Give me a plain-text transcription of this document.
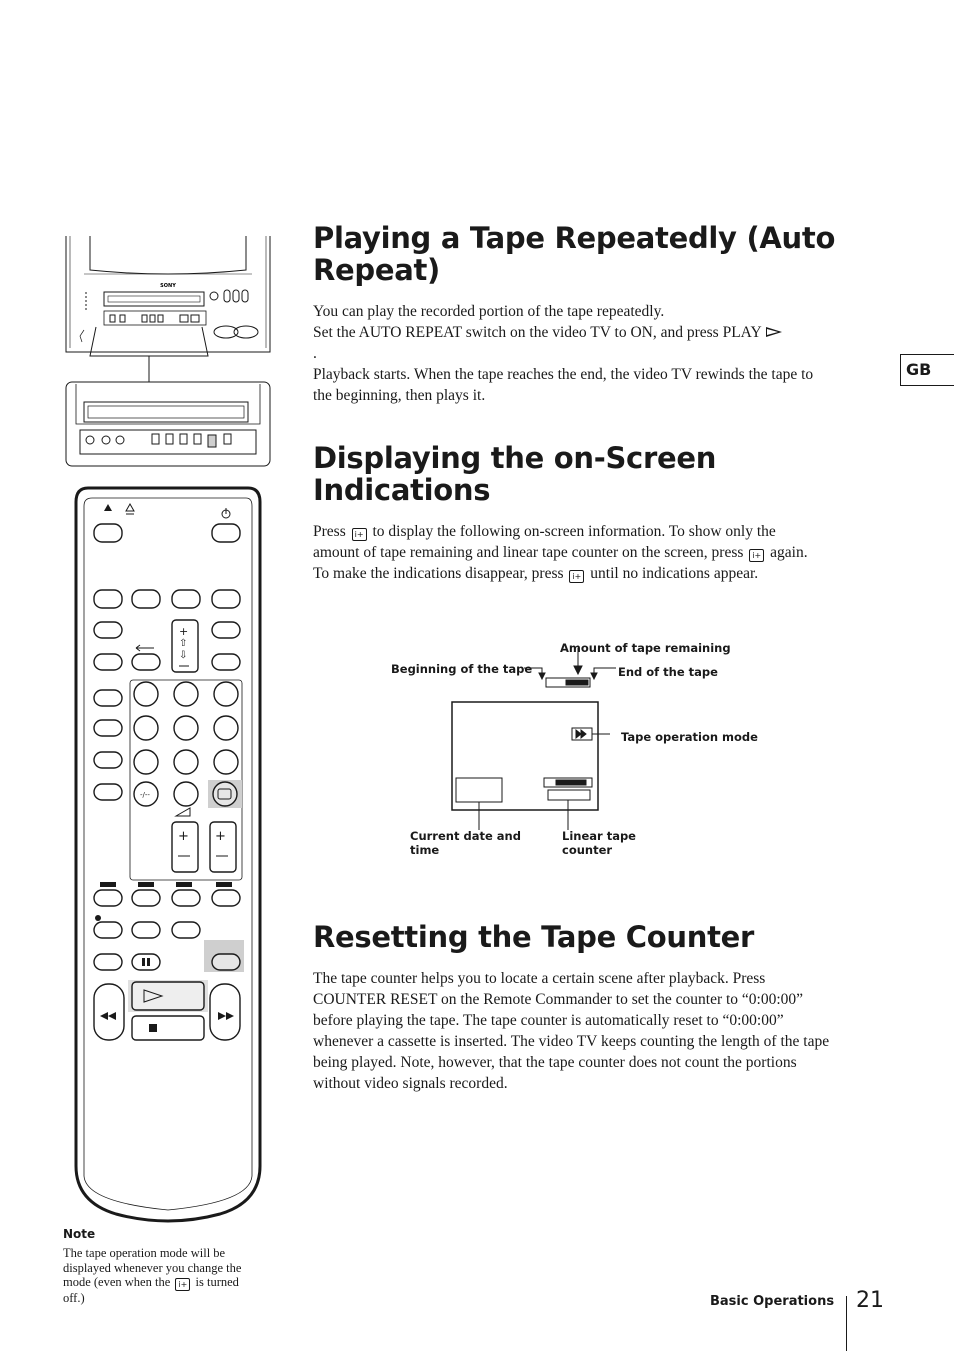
SONY
⇧
⇩
+
-/--
+ +
Playing a Tape Repeatedly (Auto Repeat)

You can play the recorded portion of the tape repeatedly.

Set the AUTO REPEAT switch on the video TV to ON, and press PLAY.

Playback starts. When the tape reaches the end, the video TV rewinds the tape to the beginning, then plays it.

Displaying the on-Screen Indications

Press i+ to display the following on-screen information. To show only the amount of tape remaining and linear tape counter on the screen, press i+ again.

To make the indications disappear, press i+ until no indications appear.

Amount of tape remaining
Beginning of the tape	End of the tape
Tape operation mode
Current date and time
Linear tape counter
Resetting the Tape Counter

The tape counter helps you to locate a certain scene after playback. Press COUNTER RESET on the Remote Commander to set the counter to “0:00:00” before playing the tape. The tape counter is automatically reset to “0:00:00” whenever a cassette is inserted. The video TV keeps counting the length of the tape being played. Note, however, that the tape counter does not count the portions without video signals recorded.

GB
Note
The tape operation mode will be displayed whenever you change the mode (even when the i+ is turned off.)	Basic Operations 21
